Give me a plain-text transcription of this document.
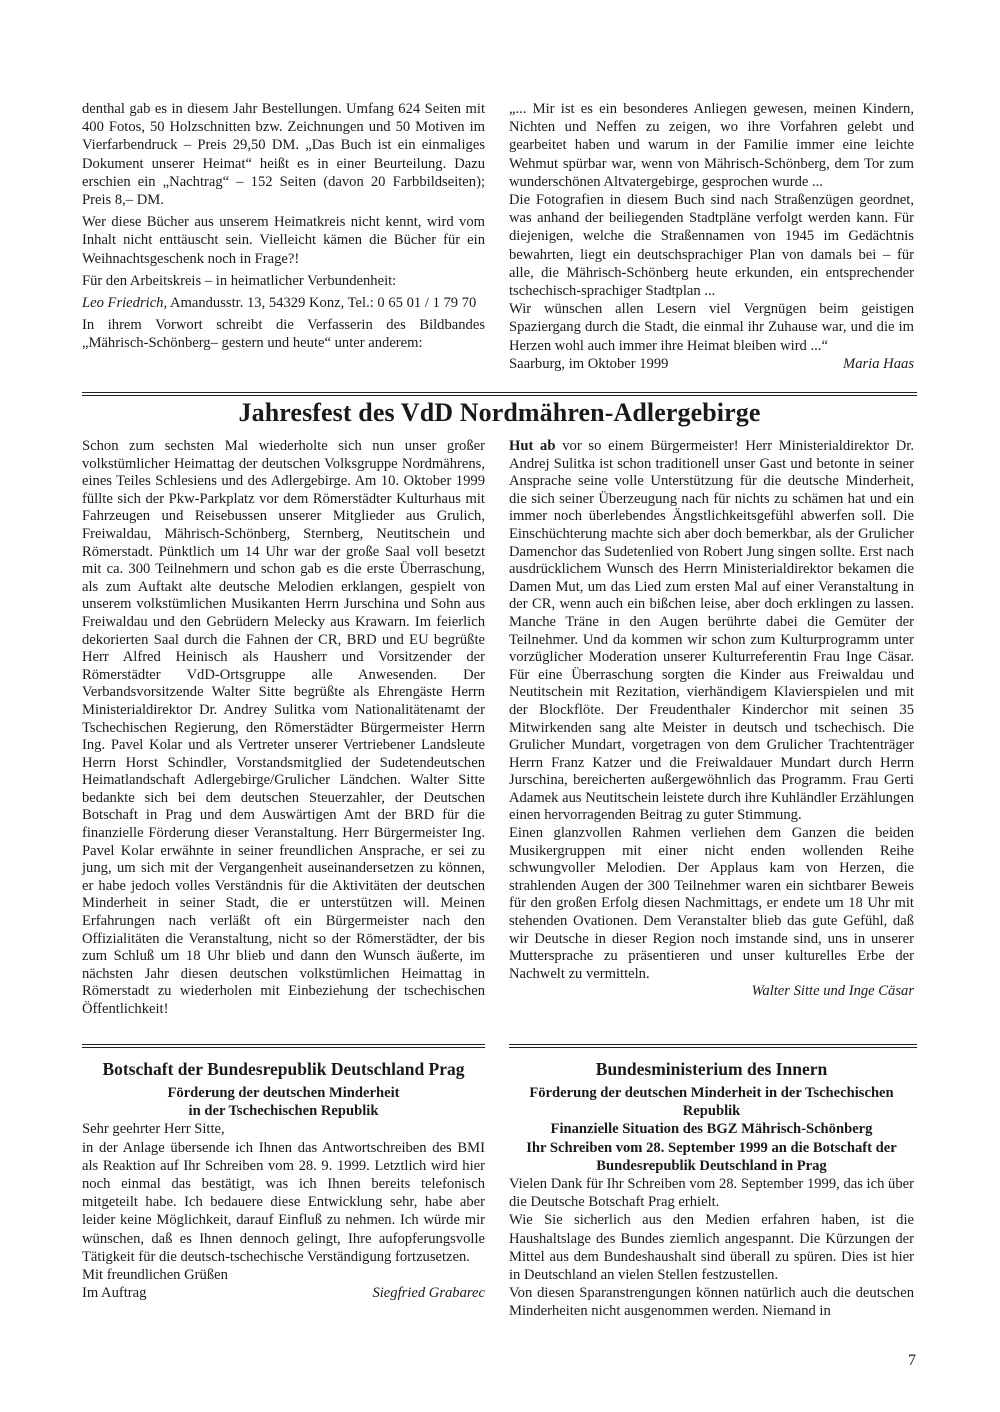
denthal gab es in diesem Jahr Bestellungen. Umfang 624 Seiten mit 400 Fotos, 50 Holzschnitten bzw. Zeichnungen und 50 Motiven im Vierfarbendruck – Preis 29,50 DM. „Das Buch ist ein einmaliges Dokument unserer Heimat“ heißt es in einer Beurteilung. Dazu erschien ein „Nachtrag“ – 152 Seiten (davon 20 Farbbildseiten); Preis 8,– DM.

Wer diese Bücher aus unserem Heimatkreis nicht kennt, wird vom Inhalt nicht enttäuscht sein. Vielleicht kämen die Bücher für ein Weihnachtsgeschenk noch in Frage?!

Für den Arbeitskreis – in heimatlicher Verbundenheit:

Leo Friedrich, Amandusstr. 13, 54329 Konz, Tel.: 0 65 01 / 1 79 70

In ihrem Vorwort schreibt die Verfasserin des Bildbandes „Mährisch-Schönberg– gestern und heute“ unter anderem:

„... Mir ist es ein besonderes Anliegen gewesen, meinen Kindern, Nichten und Neffen zu zeigen, wo ihre Vorfahren gelebt und gearbeitet haben und warum in der Familie immer eine leichte Wehmut spürbar war, wenn von Mährisch-Schönberg, dem Tor zum wunderschönen Altvatergebirge, gesprochen wurde ...

Die Fotografien in diesem Buch sind nach Straßenzügen geordnet, was anhand der beiliegenden Stadtpläne verfolgt werden kann. Für diejenigen, welche die Straßennamen von 1945 im Gedächtnis bewahrten, liegt ein deutschsprachiger Plan von damals bei – für alle, die Mährisch-Schönberg heute erkunden, ein entsprechender tschechisch-sprachiger Stadtplan ...

Wir wünschen allen Lesern viel Vergnügen beim geistigen Spaziergang durch die Stadt, die einmal ihr Zuhause war, und die im Herzen wohl auch immer ihre Heimat bleiben wird ...“

Saarburg, im Oktober 1999	Maria Haas
Jahresfest des VdD Nordmähren-Adlergebirge

Schon zum sechsten Mal wiederholte sich nun unser großer volkstümlicher Heimattag der deutschen Volksgruppe Nordmährens, eines Teiles Schlesiens und des Adlergebirge. Am 10. Oktober 1999 füllte sich der Pkw-Parkplatz vor dem Römerstädter Kulturhaus mit Fahrzeugen und Reisebussen unserer Mitglieder aus Grulich, Freiwaldau, Mährisch-Schönberg, Sternberg, Neutitschein und Römerstadt. Pünktlich um 14 Uhr war der große Saal voll besetzt mit ca. 300 Teilnehmern und schon gab es die erste Überraschung, als zum Auftakt alte deutsche Melodien erklangen, gespielt von unserem volkstümlichen Musikanten Herrn Jurschina und Sohn aus Freiwaldau und den Gebrüdern Melecky aus Krawarn. Im feierlich dekorierten Saal durch die Fahnen der CR, BRD und EU begrüßte Herr Alfred Heinisch als Hausherr und Vorsitzender der Römerstädter VdD-Ortsgruppe alle Anwesenden. Der Verbandsvorsitzende Walter Sitte begrüßte als Ehrengäste Herrn Ministerialdirektor Dr. Andrey Sulitka vom Nationalitätenamt der Tschechischen Regierung, den Römerstädter Bürgermeister Herrn Ing. Pavel Kolar und als Vertreter unserer Vertriebener Landsleute Herrn Horst Schindler, Vorstandsmitglied der Sudetendeutschen Heimatlandschaft Adlergebirge/Grulicher Ländchen. Walter Sitte bedankte sich bei dem deutschen Steuerzahler, der Deutschen Botschaft in Prag und dem Auswärtigen Amt der BRD für die finanzielle Förderung dieser Veranstaltung. Herr Bürgermeister Ing. Pavel Kolar erwähnte in seiner freundlichen Ansprache, er sei zu jung, um sich mit der Vergangenheit auseinandersetzen zu können, er habe jedoch volles Verständnis für die Aktivitäten der deutschen Minderheit in seiner Stadt, die er unterstützen will. Meinen Erfahrungen nach verläßt oft ein Bürgermeister nach den Offizialitäten die Veranstaltung, nicht so der Römerstädter, der bis zum Schluß um 18 Uhr blieb und dann den Wunsch äußerte, im nächsten Jahr diesen deutschen volkstümlichen Heimattag in Römerstadt zu wiederholen mit Einbeziehung der tschechischen Öffentlichkeit!

Hut ab vor so einem Bürgermeister! Herr Ministerialdirektor Dr. Andrej Sulitka ist schon traditionell unser Gast und betonte in seiner Ansprache seine volle Unterstützung für die deutsche Minderheit, die sich seiner Überzeugung nach für nichts zu schämen hat und ein immer noch überlebendes Ängstlichkeitsgefühl abwerfen soll. Die Einschüchterung machte sich aber doch bemerkbar, als der Grulicher Damenchor das Sudetenlied von Robert Jung singen sollte. Erst nach ausdrücklichem Wunsch des Herrn Ministerialdirektor bekamen die Damen Mut, um das Lied zum ersten Mal auf einer Veranstaltung in der CR, wenn auch ein bißchen leise, aber doch erklingen zu lassen. Manche Träne in den Augen berührte dabei die Gemüter der Teilnehmer. Und da kommen wir schon zum Kulturprogramm unter vorzüglicher Moderation unserer Kulturreferentin Frau Inge Cäsar. Für eine Überraschung sorgten die Kinder aus Freiwaldau und Neutitschein mit Rezitation, vierhändigem Klavierspielen und mit der Blockflöte. Der Freudenthaler Kinderchor mit seinen 35 Mitwirkenden sang alte Meister in deutsch und tschechisch. Die Grulicher Mundart, vorgetragen von dem Grulicher Trachtenträger Herrn Franz Katzer und die Freiwaldauer Mundart durch Herrn Jurschina, bereicherten außergewöhnlich das Programm. Frau Gerti Adamek aus Neutitschein leistete durch ihre Kuhländler Erzählungen einen hervorragenden Beitrag zu guter Stimmung.

Einen glanzvollen Rahmen verliehen dem Ganzen die beiden Musikergruppen mit einer nicht enden wollenden Reihe schwungvoller Melodien. Der Applaus kam von Herzen, die strahlenden Augen der 300 Teilnehmer waren ein sichtbarer Beweis für den großen Erfolg diesen Nachmittags, er endete um 18 Uhr mit stehenden Ovationen. Dem Veranstalter blieb das gute Gefühl, daß wir Deutsche in dieser Region noch imstande sind, uns in unserer Muttersprache zu präsentieren und unser kulturelles Erbe der Nachwelt zu vermitteln.

Walter Sitte und Inge Cäsar

Botschaft der Bundesrepublik Deutschland Prag
Förderung der deutschen Minderheit
in der Tschechischen Republik

Sehr geehrter Herr Sitte,

in der Anlage übersende ich Ihnen das Antwortschreiben des BMI als Reaktion auf Ihr Schreiben vom 28. 9. 1999. Letztlich wird hier noch einmal das bestätigt, was ich Ihnen bereits telefonisch mitgeteilt habe. Ich bedauere diese Entwicklung sehr, habe aber leider keine Möglichkeit, darauf Einfluß zu nehmen. Ich würde mir wünschen, daß es Ihnen dennoch gelingt, Ihre aufopferungsvolle Tätigkeit für die deutsch-tschechische Verständigung fortzusetzen.

Mit freundlichen Grüßen

Im Auftrag	Siegfried Grabarec
Bundesministerium des Innern
Förderung der deutschen Minderheit in der Tschechischen Republik
Finanzielle Situation des BGZ Mährisch-Schönberg
Ihr Schreiben vom 28. September 1999 an die Botschaft der Bundesrepublik Deutschland in Prag

Vielen Dank für Ihr Schreiben vom 28. September 1999, das ich über die Deutsche Botschaft Prag erhielt.

Wie Sie sicherlich aus den Medien erfahren haben, ist die Haushaltslage des Bundes ziemlich angespannt. Die Kürzungen der Mittel aus dem Bundeshaushalt sind überall zu spüren. Dies ist hier in Deutschland an vielen Stellen festzustellen.

Von diesen Sparanstrengungen können natürlich auch die deutschen Minderheiten nicht ausgenommen werden. Niemand in

7
